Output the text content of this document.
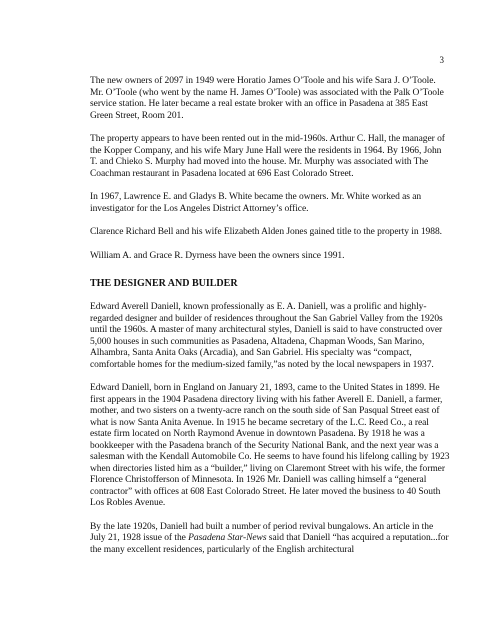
3

The new owners of 2097 in 1949 were Horatio James O’Toole and his wife Sara J. O’Toole. Mr. O’Toole (who went by the name H. James O’Toole) was associated with the Palk O’Toole service station. He later became a real estate broker with an office in Pasadena at 385 East Green Street, Room 201.

The property appears to have been rented out in the mid-1960s. Arthur C. Hall, the manager of the Kopper Company, and his wife Mary June Hall were the residents in 1964. By 1966, John T. and Chieko S. Murphy had moved into the house. Mr. Murphy was associated with The Coachman restaurant in Pasadena located at 696 East Colorado Street.

In 1967, Lawrence E. and Gladys B. White became the owners. Mr. White worked as an investigator for the Los Angeles District Attorney’s office.

Clarence Richard Bell and his wife Elizabeth Alden Jones gained title to the property in 1988.

William A. and Grace R. Dyrness have been the owners since 1991.

THE DESIGNER AND BUILDER

Edward Averell Daniell, known professionally as E. A. Daniell, was a prolific and highly-regarded designer and builder of residences throughout the San Gabriel Valley from the 1920s until the 1960s. A master of many architectural styles, Daniell is said to have constructed over 5,000 houses in such communities as Pasadena, Altadena, Chapman Woods, San Marino, Alhambra, Santa Anita Oaks (Arcadia), and San Gabriel. His specialty was “compact, comfortable homes for the medium-sized family,”as noted by the local newspapers in 1937.

Edward Daniell, born in England on January 21, 1893, came to the United States in 1899. He first appears in the 1904 Pasadena directory living with his father Averell E. Daniell, a farmer, mother, and two sisters on a twenty-acre ranch on the south side of San Pasqual Street east of what is now Santa Anita Avenue. In 1915 he became secretary of the L.C. Reed Co., a real estate firm located on North Raymond Avenue in downtown Pasadena. By 1918 he was a bookkeeper with the Pasadena branch of the Security National Bank, and the next year was a salesman with the Kendall Automobile Co. He seems to have found his lifelong calling by 1923 when directories listed him as a “builder,” living on Claremont Street with his wife, the former Florence Christofferson of Minnesota. In 1926 Mr. Daniell was calling himself a “general contractor” with offices at 608 East Colorado Street. He later moved the business to 40 South Los Robles Avenue.

By the late 1920s, Daniell had built a number of period revival bungalows. An article in the July 21, 1928 issue of the Pasadena Star-News said that Daniell “has acquired a reputation...for the many excellent residences, particularly of the English architectural
